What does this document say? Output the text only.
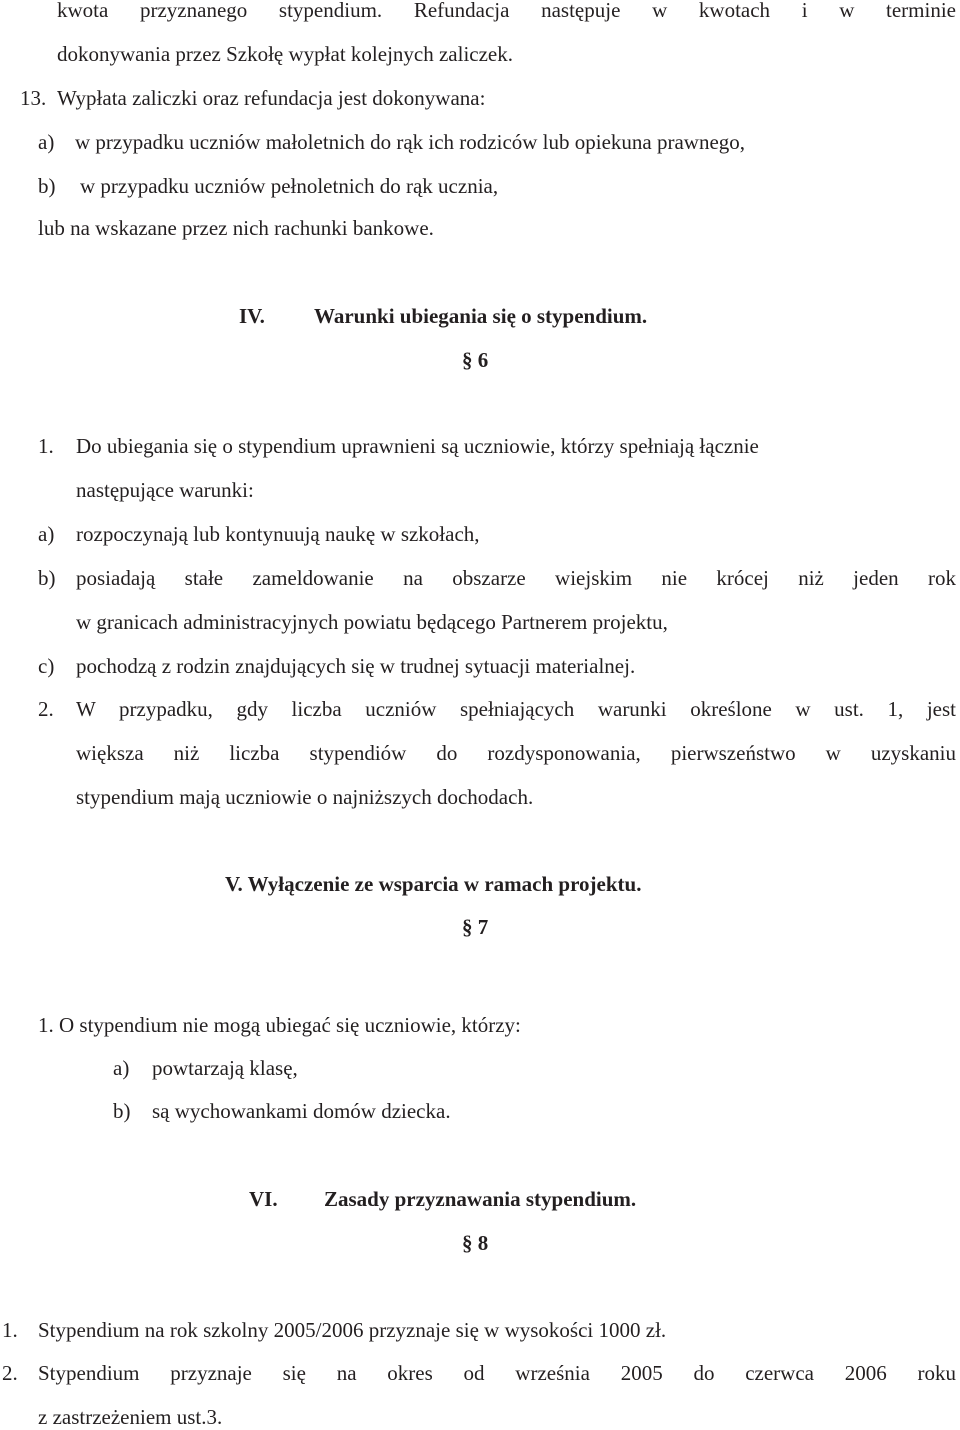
kwota przyznanego stypendium. Refundacja następuje w kwotach i w terminie
dokonywania przez Szkołę wypłat kolejnych zaliczek.
13. Wypłata zaliczki oraz refundacja jest dokonywana:
a) w przypadku uczniów małoletnich do rąk ich rodziców lub opiekuna prawnego,
b) w przypadku uczniów pełnoletnich do rąk ucznia,
lub na wskazane przez nich rachunki bankowe.
IV. Warunki ubiegania się o stypendium.
§ 6
1. Do ubiegania się o stypendium uprawnieni są uczniowie, którzy spełniają łącznie
następujące warunki:
a) rozpoczynają lub kontynuują naukę w szkołach,
b) posiadają stałe zameldowanie na obszarze wiejskim nie krócej niż jeden rok
w granicach administracyjnych powiatu będącego Partnerem projektu,
c) pochodzą z rodzin znajdujących się w trudnej sytuacji materialnej.
2. W przypadku, gdy liczba uczniów spełniających warunki określone w ust. 1, jest
większa niż liczba stypendiów do rozdysponowania, pierwszeństwo w uzyskaniu
stypendium mają uczniowie o najniższych dochodach.
V. Wyłączenie ze wsparcia w ramach projektu.
§ 7
1. O stypendium nie mogą ubiegać się uczniowie, którzy:
a) powtarzają klasę,
b) są wychowankami domów dziecka.
VI. Zasady przyznawania stypendium.
§ 8
1. Stypendium na rok szkolny 2005/2006 przyznaje się w wysokości 1000 zł.
2. Stypendium przyznaje się na okres od września 2005 do czerwca 2006 roku
z zastrzeżeniem ust.3.
